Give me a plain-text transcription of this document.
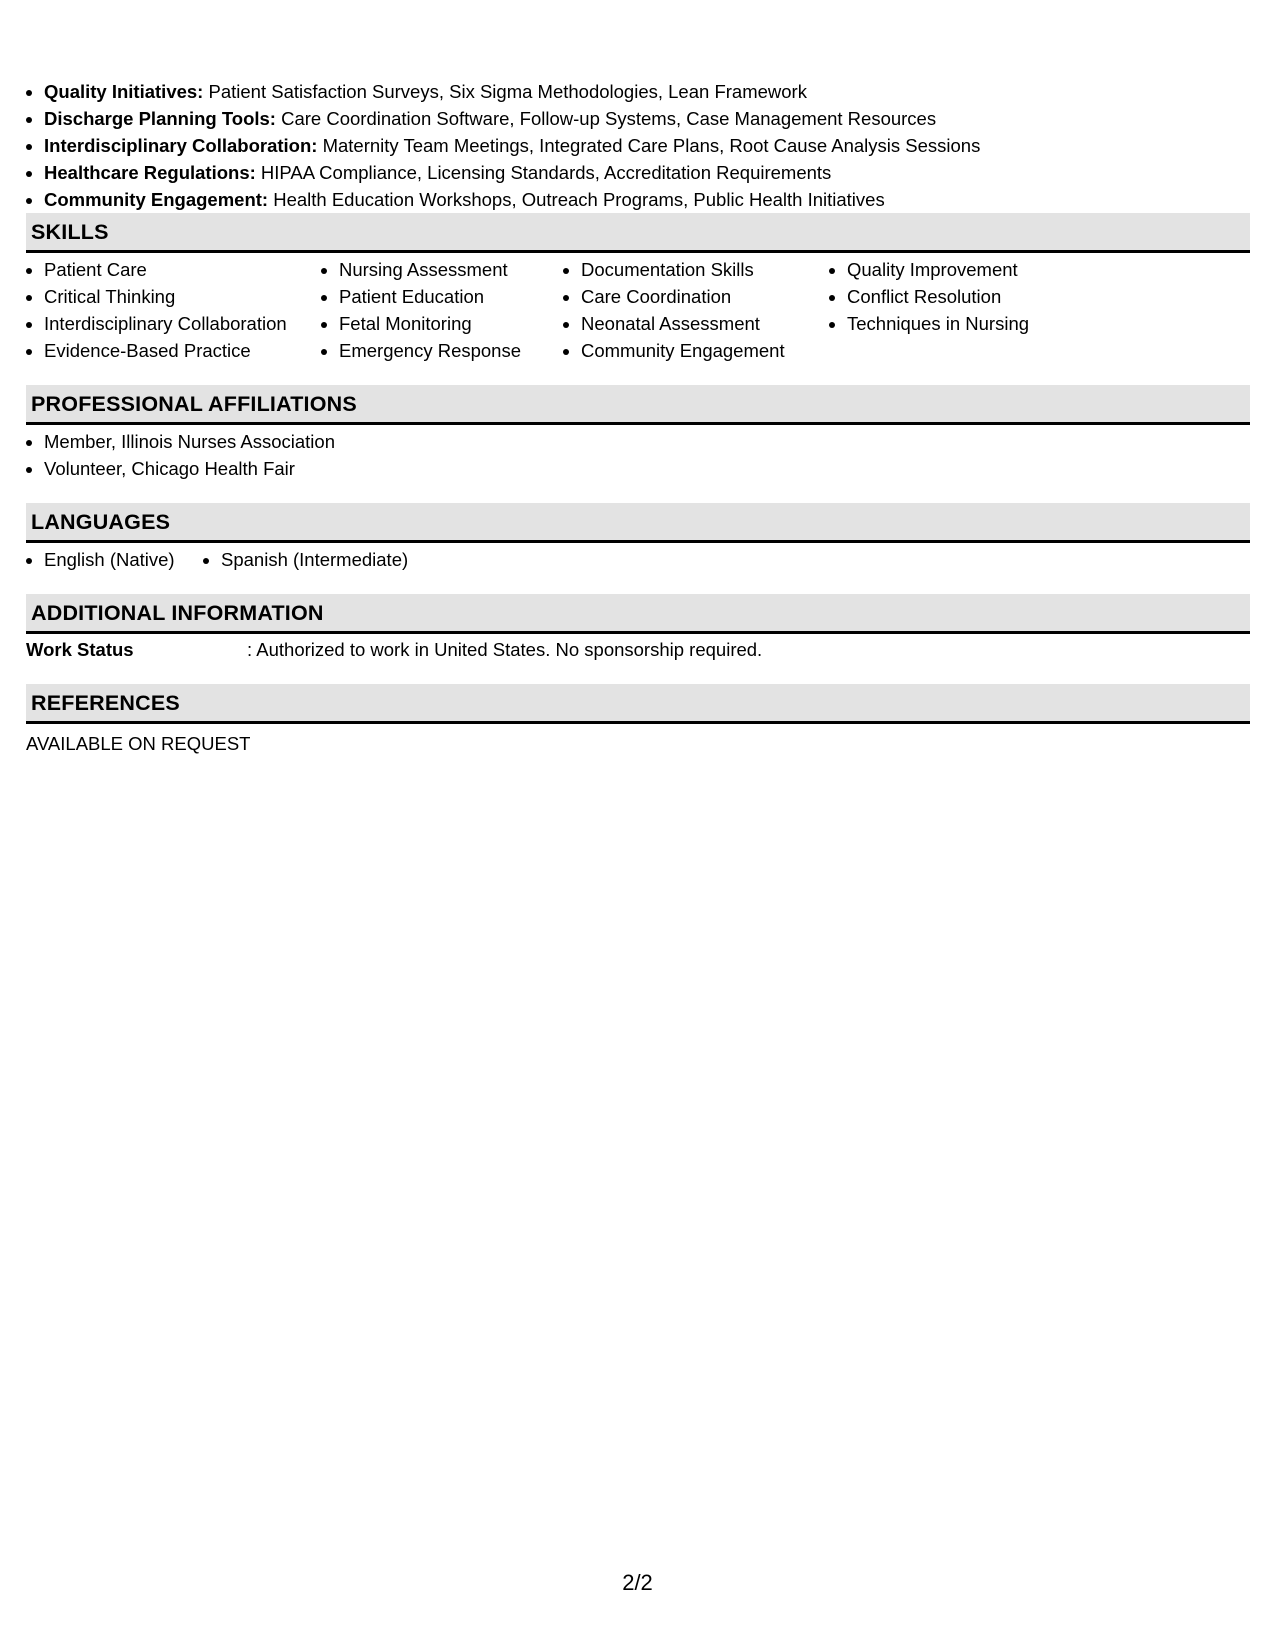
• Quality Initiatives: Patient Satisfaction Surveys, Six Sigma Methodologies, Lean Framework
• Discharge Planning Tools: Care Coordination Software, Follow-up Systems, Case Management Resources
• Interdisciplinary Collaboration: Maternity Team Meetings, Integrated Care Plans, Root Cause Analysis Sessions
• Healthcare Regulations: HIPAA Compliance, Licensing Standards, Accreditation Requirements
• Community Engagement: Health Education Workshops, Outreach Programs, Public Health Initiatives
SKILLS
• Patient Care
• Critical Thinking
• Interdisciplinary Collaboration
• Evidence-Based Practice
• Nursing Assessment
• Patient Education
• Fetal Monitoring
• Emergency Response
• Documentation Skills
• Care Coordination
• Neonatal Assessment
• Community Engagement
• Quality Improvement
• Conflict Resolution
• Techniques in Nursing
PROFESSIONAL AFFILIATIONS
• Member, Illinois Nurses Association
• Volunteer, Chicago Health Fair
LANGUAGES
• English (Native)
•	Spanish (Intermediate)
ADDITIONAL INFORMATION
Work Status	: Authorized to work in United States. No sponsorship required.
REFERENCES
AVAILABLE ON REQUEST
2/2
